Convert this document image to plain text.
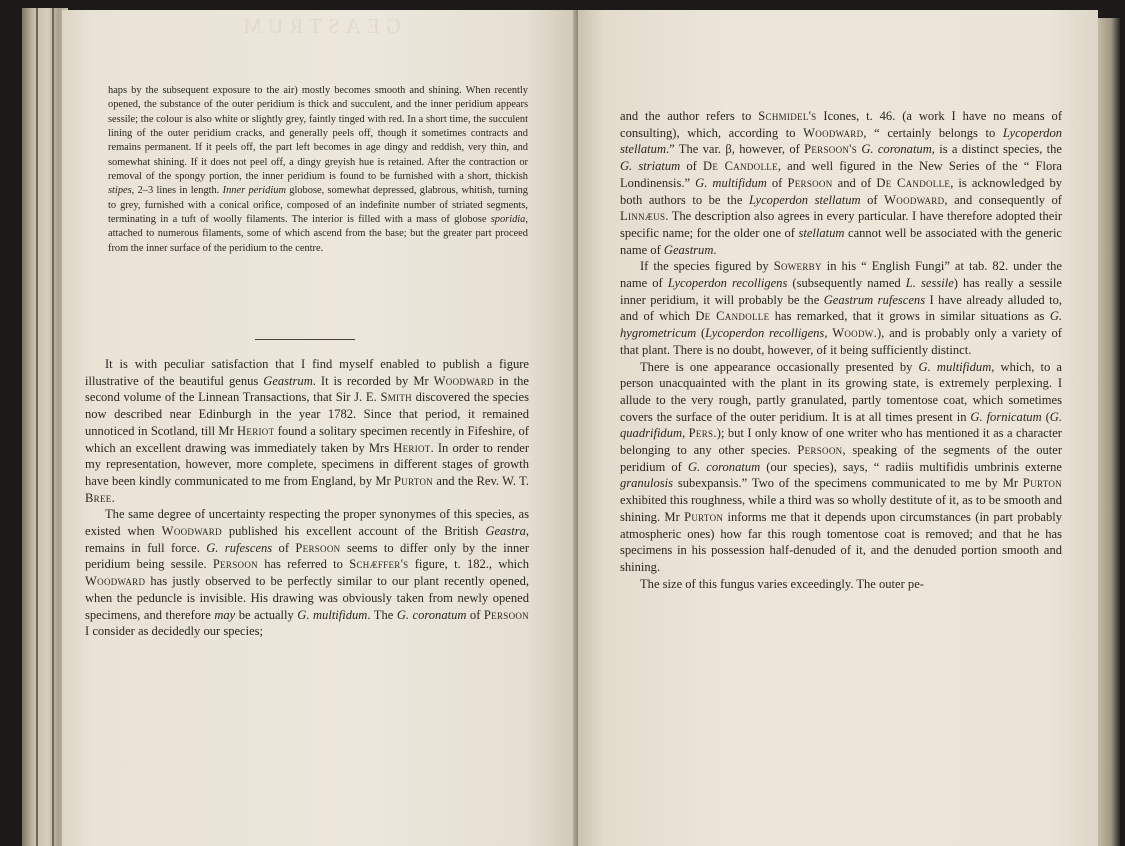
GEASTRUM

haps by the subsequent exposure to the air) mostly becomes smooth and shining. When recently opened, the substance of the outer peridium is thick and succulent, and the inner peridium appears sessile; the colour is also white or slightly grey, faintly tinged with red. In a short time, the succulent lining of the outer peridium cracks, and generally peels off, though it sometimes contracts and remains permanent. If it peels off, the part left becomes in age dingy and reddish, very thin, and somewhat shining. If it does not peel off, a dingy greyish hue is retained. After the contraction or removal of the spongy portion, the inner peridium is found to be furnished with a short, thickish stipes, 2–3 lines in length. Inner peridium globose, somewhat depressed, glabrous, whitish, turning to grey, furnished with a conical orifice, composed of an indefinite number of striated segments, terminating in a tuft of woolly filaments. The interior is filled with a mass of globose sporidia, attached to numerous filaments, some of which ascend from the base; but the greater part proceed from the inner surface of the peridium to the centre.

It is with peculiar satisfaction that I find myself enabled to publish a figure illustrative of the beautiful genus Geastrum. It is recorded by Mr Woodward in the second volume of the Linnean Transactions, that Sir J. E. Smith discovered the species now described near Edinburgh in the year 1782. Since that period, it remained unnoticed in Scotland, till Mr Heriot found a solitary specimen recently in Fifeshire, of which an excellent drawing was immediately taken by Mrs Heriot. In order to render my representation, however, more complete, specimens in different stages of growth have been kindly communicated to me from England, by Mr Purton and the Rev. W. T. Bree.

The same degree of uncertainty respecting the proper synonymes of this species, as existed when Woodward published his excellent account of the British Geastra, remains in full force. G. rufescens of Persoon seems to differ only by the inner peridium being sessile. Persoon has referred to Schæffer's figure, t. 182., which Woodward has justly observed to be perfectly similar to our plant recently opened, when the peduncle is invisible. His drawing was obviously taken from newly opened specimens, and therefore may be actually G. multifidum. The G. coronatum of Persoon I consider as decidedly our species;

and the author refers to Schmidel's Icones, t. 46. (a work I have no means of consulting), which, according to Woodward, “ certainly belongs to Lycoperdon stellatum.” The var. β, however, of Persoon's G. coronatum, is a distinct species, the G. striatum of De Candolle, and well figured in the New Series of the “ Flora Londinensis.” G. multifidum of Persoon and of De Candolle, is acknowledged by both authors to be the Lycoperdon stellatum of Woodward, and consequently of Linnæus. The description also agrees in every particular. I have therefore adopted their specific name; for the older one of stellatum cannot well be associated with the generic name of Geastrum.

If the species figured by Sowerby in his “ English Fungi” at tab. 82. under the name of Lycoperdon recolligens (subsequently named L. sessile) has really a sessile inner peridium, it will probably be the Geastrum rufescens I have already alluded to, and of which De Candolle has remarked, that it grows in similar situations as G. hygrometricum (Lycoperdon recolligens, Woodw.), and is probably only a variety of that plant. There is no doubt, however, of it being sufficiently distinct.

There is one appearance occasionally presented by G. multifidum, which, to a person unacquainted with the plant in its growing state, is extremely perplexing. I allude to the very rough, partly granulated, partly tomentose coat, which sometimes covers the surface of the outer peridium. It is at all times present in G. fornicatum (G. quadrifidum, Pers.); but I only know of one writer who has mentioned it as a character belonging to any other species. Persoon, speaking of the segments of the outer peridium of G. coronatum (our species), says, “ radiis multifidis umbrinis externe granulosis subexpansis.” Two of the specimens communicated to me by Mr Purton exhibited this roughness, while a third was so wholly destitute of it, as to be smooth and shining. Mr Purton informs me that it depends upon circumstances (in part probably atmospheric ones) how far this rough tomentose coat is removed; and that he has specimens in his possession half-denuded of it, and the denuded portion smooth and shining.

The size of this fungus varies exceedingly. The outer pe-
